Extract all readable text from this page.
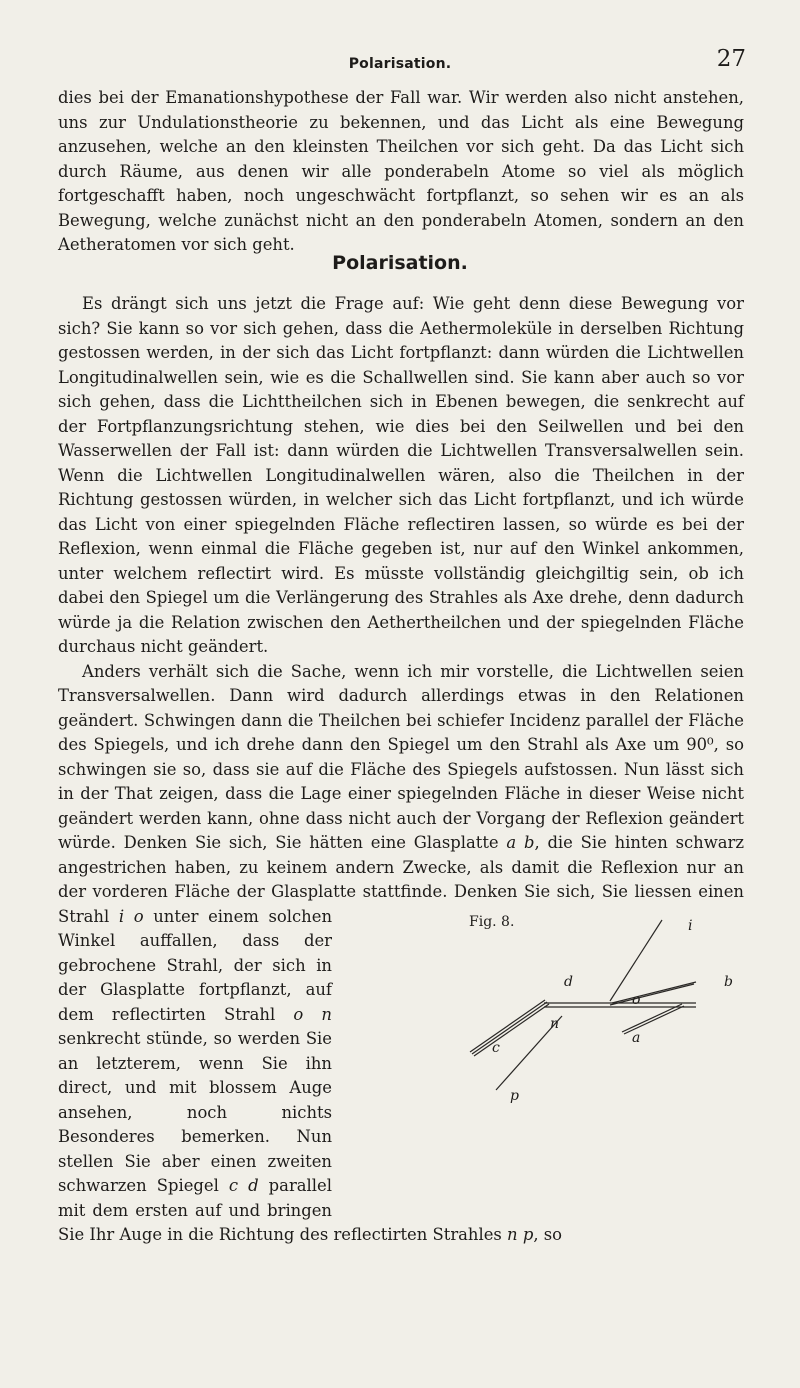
Polarisation.	27

dies bei der Emanationshypothese der Fall war. Wir werden also nicht anstehen, uns zur Undulationstheorie zu bekennen, und das Licht als eine Bewegung anzusehen, welche an den kleinsten Theilchen vor sich geht. Da das Licht sich durch Räume, aus denen wir alle ponderabeln Atome so viel als möglich fortgeschafft haben, noch ungeschwächt fortpflanzt, so sehen wir es an als Bewegung, welche zunächst nicht an den ponderabeln Atomen, sondern an den Aetheratomen vor sich geht.

Polarisation.

Es drängt sich uns jetzt die Frage auf: Wie geht denn diese Bewegung vor sich? Sie kann so vor sich gehen, dass die Aethermoleküle in derselben Richtung gestossen werden, in der sich das Licht fortpflanzt: dann würden die Lichtwellen Longitudinalwellen sein, wie es die Schallwellen sind. Sie kann aber auch so vor sich gehen, dass die Lichttheilchen sich in Ebenen bewegen, die senkrecht auf der Fortpflanzungsrichtung stehen, wie dies bei den Seilwellen und bei den Wasserwellen der Fall ist: dann würden die Lichtwellen Transversalwellen sein. Wenn die Lichtwellen Longitudinalwellen wären, also die Theilchen in der Richtung gestossen würden, in welcher sich das Licht fortpflanzt, und ich würde das Licht von einer spiegelnden Fläche reflectiren lassen, so würde es bei der Reflexion, wenn einmal die Fläche gegeben ist, nur auf den Winkel ankommen, unter welchem reflectirt wird. Es müsste vollständig gleichgiltig sein, ob ich dabei den Spiegel um die Verlängerung des Strahles als Axe drehe, denn dadurch würde ja die Relation zwischen den Aethertheilchen und der spiegelnden Fläche durchaus nicht geändert.

Anders verhält sich die Sache, wenn ich mir vorstelle, die Lichtwellen seien Transversalwellen. Dann wird dadurch allerdings etwas in den Relationen geändert. Schwingen dann die Theilchen bei schiefer Incidenz parallel der Fläche des Spiegels, und ich drehe dann den Spiegel um den Strahl als Axe um 90⁰, so schwingen sie so, dass sie auf die Fläche des Spiegels aufstossen. Nun lässt sich in der That zeigen, dass die Lage einer spiegelnden Fläche in dieser Weise nicht geändert werden kann, ohne dass nicht auch der Vorgang der Reflexion geändert würde. Denken Sie sich, Sie hätten eine Glasplatte a b, die Sie hinten schwarz angestrichen haben, zu keinem andern Zwecke, als damit die Reflexion nur an der vorderen Fläche der Glasplatte stattfinde. Denken Sie sich, Sie liessen einen Strahl	Fig. 8.	i
b
o
a
d
n
c
p
i o unter einem solchen Winkel auffallen, dass der gebrochene Strahl, der sich in der Glasplatte fortpflanzt, auf dem reflectirten Strahl o n senkrecht stünde, so werden Sie an letzterem, wenn Sie ihn direct, und mit blossem Auge ansehen, noch nichts Besonderes bemerken. Nun stellen Sie aber einen zweiten schwarzen Spiegel c d parallel mit dem ersten auf und bringen Sie Ihr Auge in die Richtung des reflectirten Strahles n p, so
